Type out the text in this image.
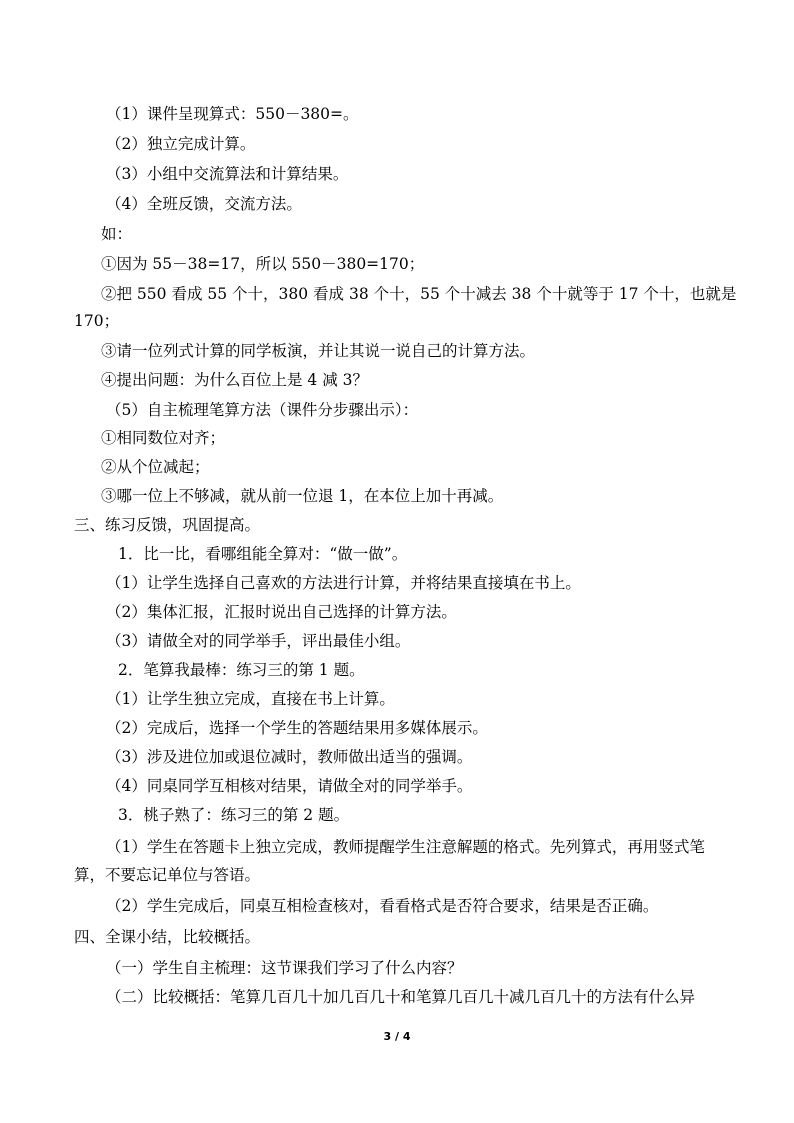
（1）课件呈现算式：550－380=。
（2）独立完成计算。
（3）小组中交流算法和计算结果。
（4）全班反馈，交流方法。
如：
①因为 55－38=17，所以 550－380=170；
②把 550 看成 55 个十，380 看成 38 个十，55 个十减去 38 个十就等于 17 个十，也就是
170；
③请一位列式计算的同学板演，并让其说一说自己的计算方法。
④提出问题：为什么百位上是 4 减 3？
（5）自主梳理笔算方法（课件分步骤出示）：
①相同数位对齐；
②从个位减起；
③哪一位上不够减，就从前一位退 1，在本位上加十再减。
三、练习反馈，巩固提高。
1．比一比，看哪组能全算对：“做一做”。
（1）让学生选择自己喜欢的方法进行计算，并将结果直接填在书上。
（2）集体汇报，汇报时说出自己选择的计算方法。
（3）请做全对的同学举手，评出最佳小组。
2．笔算我最棒：练习三的第 1 题。
（1）让学生独立完成，直接在书上计算。
（2）完成后，选择一个学生的答题结果用多媒体展示。
（3）涉及进位加或退位减时，教师做出适当的强调。
（4）同桌同学互相核对结果，请做全对的同学举手。
3．桃子熟了：练习三的第 2 题。
（1）学生在答题卡上独立完成，教师提醒学生注意解题的格式。先列算式，再用竖式笔
算，不要忘记单位与答语。
（2）学生完成后，同桌互相检查核对，看看格式是否符合要求，结果是否正确。
四、全课小结，比较概括。
（一）学生自主梳理：这节课我们学习了什么内容？
（二）比较概括：笔算几百几十加几百几十和笔算几百几十减几百几十的方法有什么异
3 / 4
